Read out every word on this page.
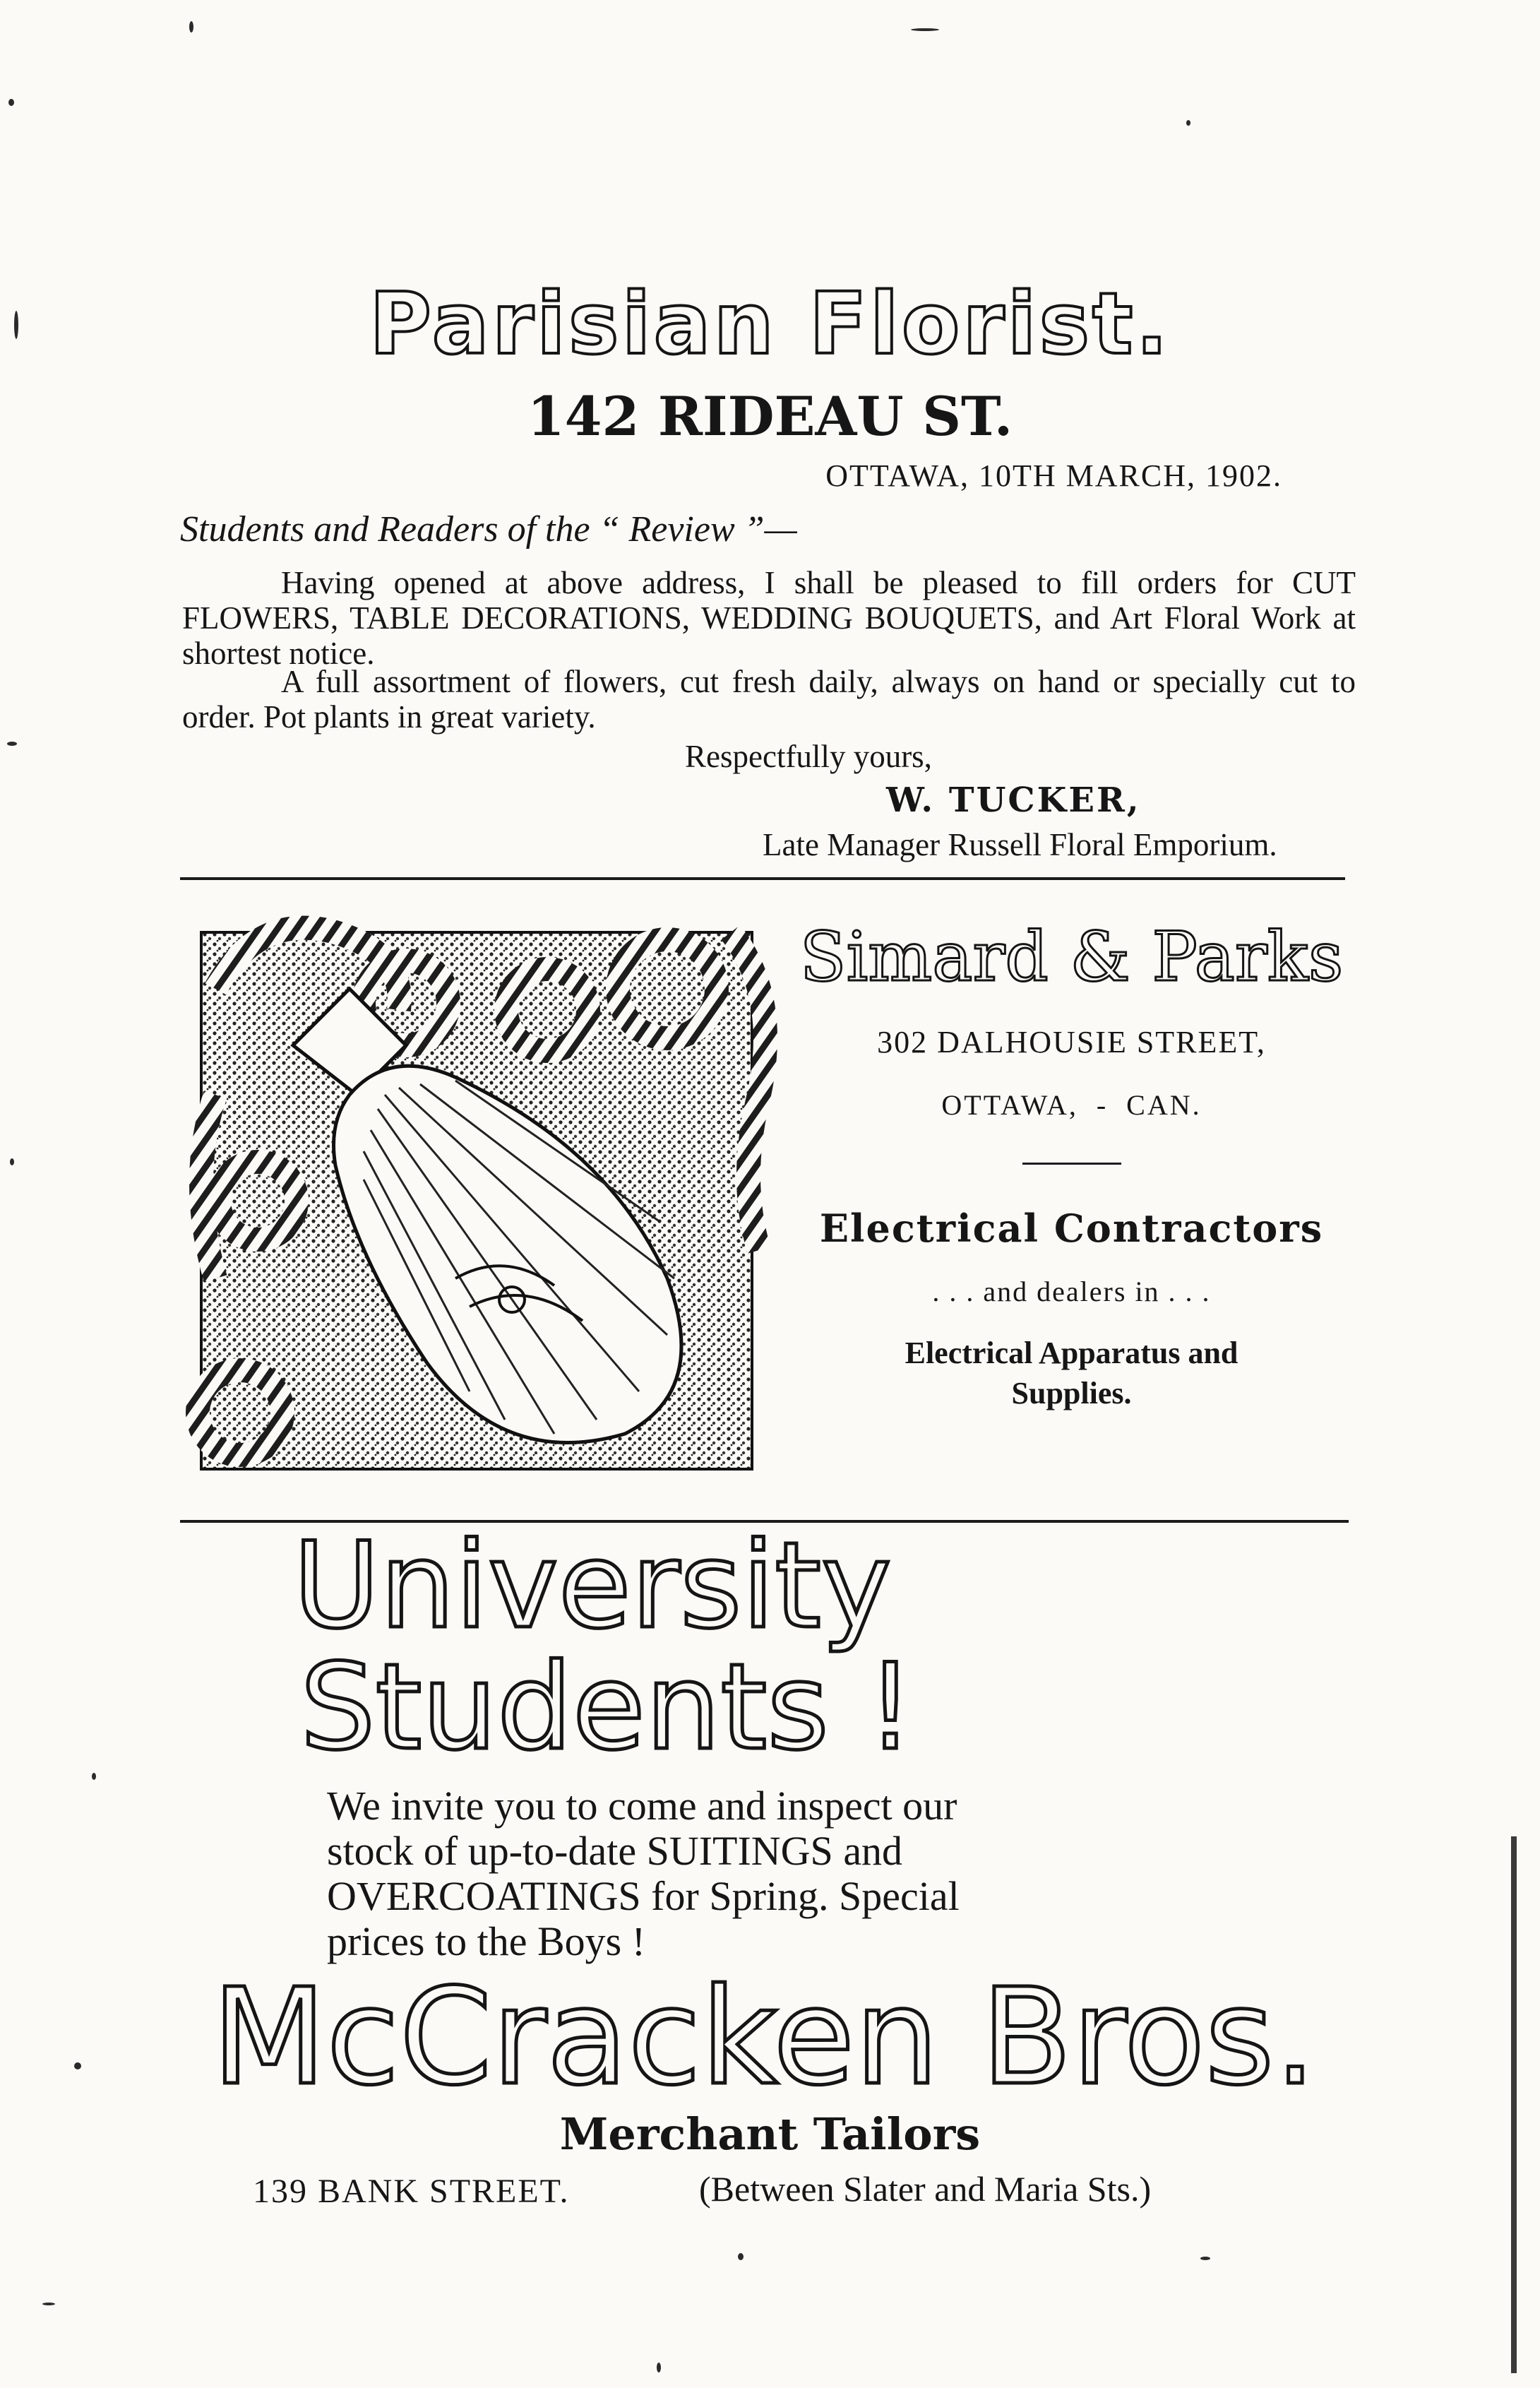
Parisian Florist.
142 RIDEAU ST.
OTTAWA, 10TH MARCH, 1902.
Students and Readers of the “ Review ”—
Having opened at above address, I shall be pleased to fill orders for CUT FLOWERS, TABLE DECORATIONS, WEDDING BOUQUETS, and Art Floral Work at shortest notice.
A full assortment of flowers, cut fresh daily, always on hand or specially cut to order. Pot plants in great variety.
Respectfully yours,
W. TUCKER,
Late Manager Russell Floral Emporium.
Simard & Parks
302 DALHOUSIE STREET,
OTTAWA,  -  CAN.
Electrical Contractors
. . . and dealers in . . .
Electrical Apparatus and
Supplies.
University
Students !

We invite you to come and inspect our

stock of up-to-date SUITINGS and

OVERCOATINGS for Spring. Special

prices to the Boys !

McCracken Bros.
Merchant Tailors
139 BANK STREET.	(Between Slater and Maria Sts.)
